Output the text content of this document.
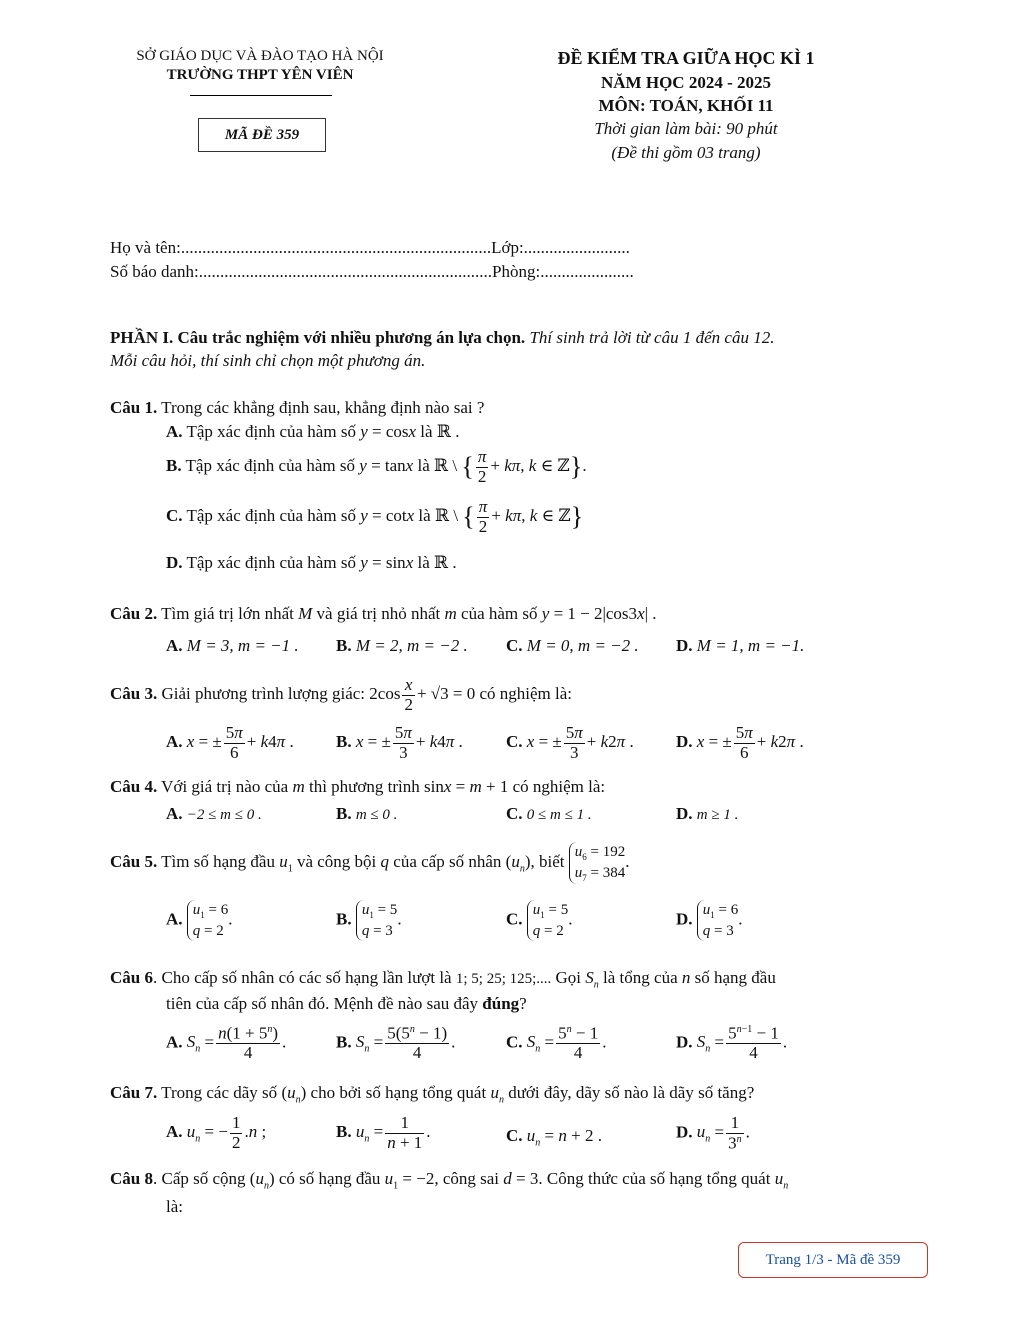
SỞ GIÁO DỤC VÀ ĐÀO TẠO HÀ NỘI
TRƯỜNG THPT YÊN VIÊN
MÃ ĐỀ 359
ĐỀ KIỂM TRA GIỮA HỌC KÌ 1
NĂM HỌC 2024 - 2025
MÔN: TOÁN, KHỐI 11
Thời gian làm bài: 90 phút
(Đề thi gồm 03 trang)
Họ và tên:.........................................................................Lớp:.........................
Số báo danh:.....................................................................Phòng:......................
PHẦN I. Câu trắc nghiệm với nhiều phương án lựa chọn. Thí sinh trả lời từ câu 1 đến câu 12.
Mỗi câu hỏi, thí sinh chỉ chọn một phương án.
Câu 1. Trong các khẳng định sau, khẳng định nào sai ?
A. Tập xác định của hàm số y = cosx là ℝ .
B. Tập xác định của hàm số y = tanx là ℝ \ { $\frac{\pi}{2} + k\pi$, k ∈ ℤ}.
C. Tập xác định của hàm số y = cotx là ℝ \ { $\frac{\pi}{2} + k\pi$, k ∈ ℤ}
D. Tập xác định của hàm số y = sinx là ℝ .
Câu 2. Tìm giá trị lớn nhất M và giá trị nhỏ nhất m của hàm số y = 1 − 2|cos3x| .
A. M = 3, m = −1 . B. M = 2, m = −2 . C. M = 0, m = −2 . D. M = 1, m = −1.
Câu 3. Giải phương trình lượng giác: $2\cos \frac{x}{2} + √3 = 0$ có nghiệm là:
A. x = ± $\frac{5\pi}{6} + k4\pi$ . B. x = ± $\frac{5\pi}{3} + k4\pi$ .	C. x = ± $\frac{5\pi}{3} + k2\pi$ . D. x = ± $\frac{5\pi}{6} + k2\pi$ .
Câu 4. Với giá trị nào của m thì phương trình sinx = m + 1 có nghiệm là:
A. −2 ≤ m ≤ 0 .	B. m ≤ 0 .	C. 0 ≤ m ≤ 1 .	D. m ≥ 1 .
Câu 5. Tìm số hạng đầu $u_1$ và công bội q của cấp số nhân $(u_n)$, biết $u_6 = 192$
$u_7 = 384$.
A. $u_1 = 6$
q = 2.	B. $u_1 = 5$
q = 3.	C. $u_1 = 5$
q = 2.	D. $u_1 = 6$
q = 3.
Câu 6. Cho cấp số nhân có các số hạng lần lượt là 1; 5; 25; 125;.... Gọi $S_n$ là tổng của n số hạng đầu
tiên của cấp số nhân đó. Mệnh đề nào sau đây đúng?
A. $S_n = \frac{n(1 + 5^n)}{4}$ .	B. $S_n = \frac{5(5^n - 1)}{4}$ .	C. $S_n = \frac{5^n - 1}{4}$ .	D. $S_n = \frac{5^{n-1} - 1}{4}$ .
Câu 7. Trong các dãy số $(u_n)$ cho bởi số hạng tổng quát $u_n$ dưới đây, dãy số nào là dãy số tăng?
A. $u_n$ = − $\frac{1}{2} .n$ ;	B. $u_n = \frac{1}{n + 1}$ .	C. $u_n = n + 2$ .	D. $u_n = \frac{1}{3^n}$ .
Câu 8. Cấp số cộng $(u_n)$ có số hạng đầu $u_1 = -2$, công sai d = 3. Công thức của số hạng tổng quát $u_n$
là:
Trang 1/3 - Mã đề 359
